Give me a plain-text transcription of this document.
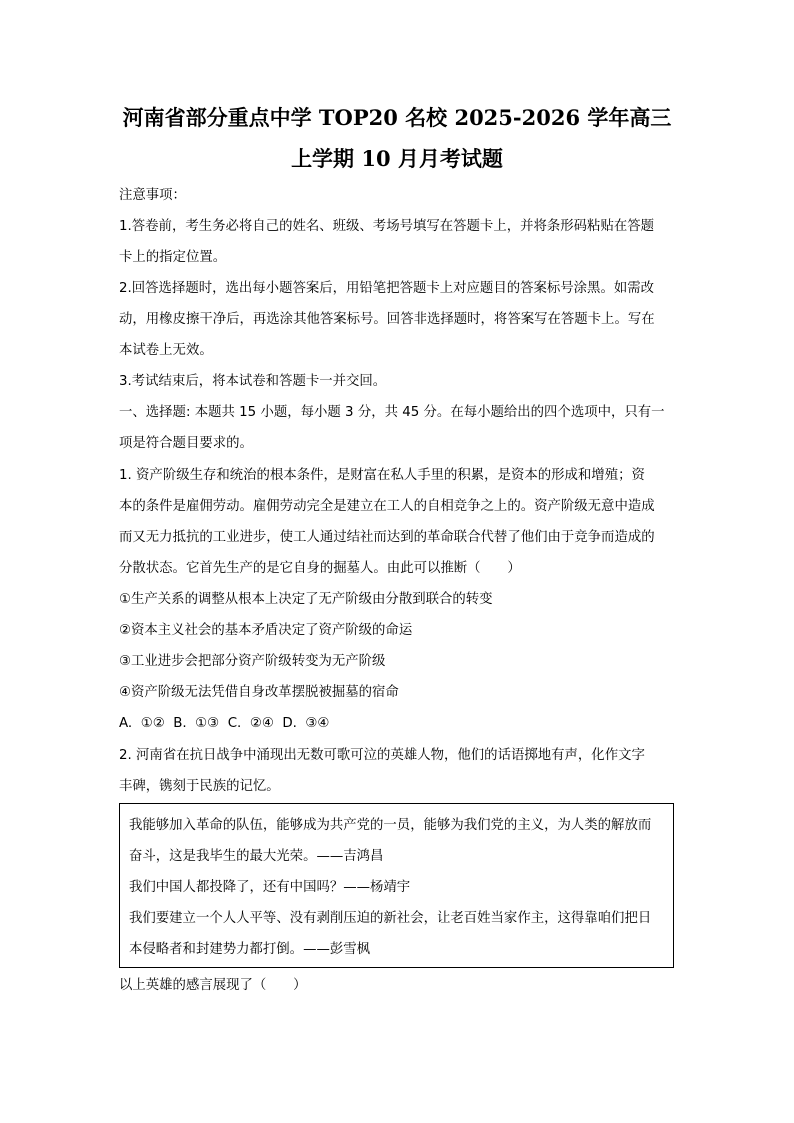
河南省部分重点中学 TOP20 名校 2025-2026 学年高三
上学期 10 月月考试题
注意事项：
1.答卷前，考生务必将自己的姓名、班级、考场号填写在答题卡上，并将条形码粘贴在答题
卡上的指定位置。
2.回答选择题时，选出每小题答案后，用铅笔把答题卡上对应题目的答案标号涂黑。如需改
动，用橡皮擦干净后，再选涂其他答案标号。回答非选择题时，将答案写在答题卡上。写在
本试卷上无效。
3.考试结束后，将本试卷和答题卡一并交回。
一、选择题: 本题共 15 小题，每小题 3 分，共 45 分。在每小题给出的四个选项中，只有一
项是符合题目要求的。
1. 资产阶级生存和统治的根本条件，是财富在私人手里的积累，是资本的形成和增殖；资
本的条件是雇佣劳动。雇佣劳动完全是建立在工人的自相竞争之上的。资产阶级无意中造成
而又无力抵抗的工业进步，使工人通过结社而达到的革命联合代替了他们由于竞争而造成的
分散状态。它首先生产的是它自身的掘墓人。由此可以推断（　　）
①生产关系的调整从根本上决定了无产阶级由分散到联合的转变
②资本主义社会的基本矛盾决定了资产阶级的命运
③工业进步会把部分资产阶级转变为无产阶级
④资产阶级无法凭借自身改革摆脱被掘墓的宿命
A.  ①②  B.  ①③  C.  ②④  D.  ③④
2. 河南省在抗日战争中涌现出无数可歌可泣的英雄人物，他们的话语掷地有声，化作文字
丰碑，镌刻于民族的记忆。
我能够加入革命的队伍，能够成为共产党的一员，能够为我们党的主义，为人类的解放而
奋斗，这是我毕生的最大光荣。——吉鸿昌
我们中国人都投降了，还有中国吗？——杨靖宇
我们要建立一个人人平等、没有剥削压迫的新社会，让老百姓当家作主，这得靠咱们把日
本侵略者和封建势力都打倒。——彭雪枫
以上英雄的感言展现了（　　）
